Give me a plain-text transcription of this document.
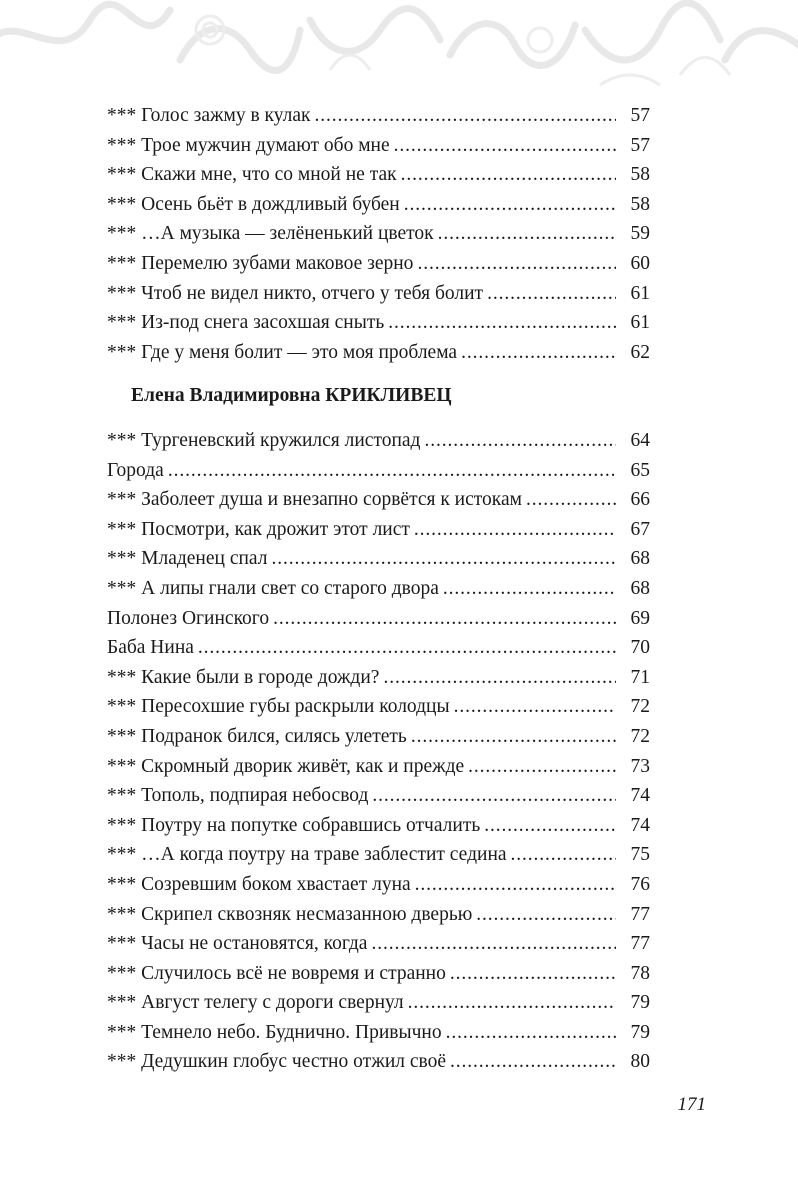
*** Голос зажму в кулак . . .	57
*** Трое мужчин думают обо мне . . .	57
*** Скажи мне, что со мной не так . . .	58
*** Осень бьёт в дождливый бубен . . .	58
*** …А музыка — зелёненький цветок . . .	59
*** Перемелю зубами маковое зерно . . .	60
*** Чтоб не видел никто, отчего у тебя болит . . .	61
*** Из-под снега засохшая сныть . . .	61
*** Где у меня болит — это моя проблема . . .	62
Елена Владимировна КРИКЛИВЕЦ
*** Тургеневский кружился листопад . . .	64
Города . . .	65
*** Заболеет душа и внезапно сорвётся к истокам . . .	66
*** Посмотри, как дрожит этот лист . . .	67
*** Младенец спал . . .	68
*** А липы гнали свет со старого двора . . .	68
Полонез Огинского . . .	69
Баба Нина . . .	70
*** Какие были в городе дожди? . . .	71
*** Пересохшие губы раскрыли колодцы . . .	72
*** Подранок бился, силясь улететь . . .	72
*** Скромный дворик живёт, как и прежде . . .	73
*** Тополь, подпирая небосвод . . .	74
*** Поутру на попутке собравшись отчалить . . .	74
*** …А когда поутру на траве заблестит седина . . .	75
*** Созревшим боком хвастает луна . . .	76
*** Скрипел сквозняк несмазанною дверью . . .	77
*** Часы не остановятся, когда . . .	77
*** Случилось всё не вовремя и странно . . .	78
*** Август телегу с дороги свернул . . .	79
*** Темнело небо. Буднично. Привычно . . .	79
*** Дедушкин глобус честно отжил своё . . .	80
171
